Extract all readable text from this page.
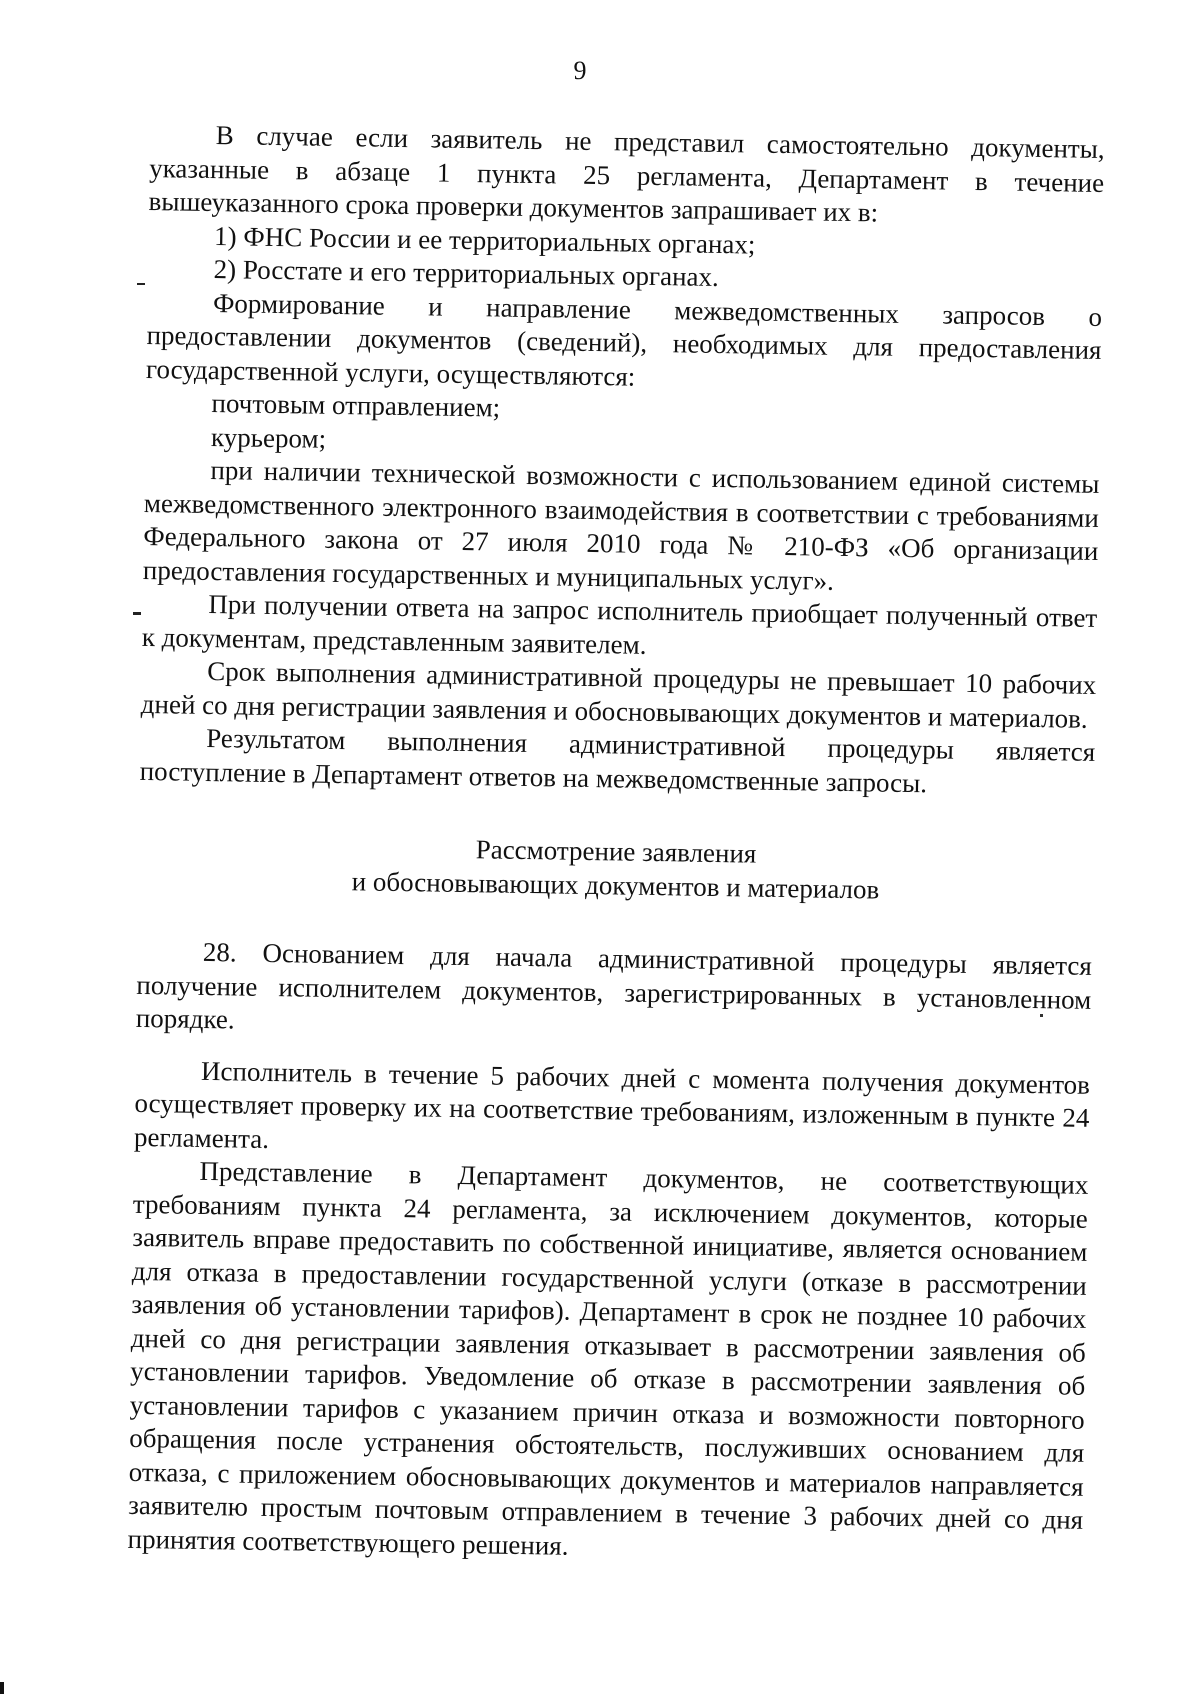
9

В случае если заявитель не представил самостоятельно документы, указанные в абзаце 1 пункта 25 регламента, Департамент в течение вышеуказанного срока проверки документов запрашивает их в:

1) ФНС России и ее территориальных органах;

2) Росстате и его территориальных органах.

Формирование и направление межведомственных запросов о предоставлении документов (сведений), необходимых для предоставления государственной услуги, осуществляются:

почтовым отправлением;

курьером;

при наличии технической возможности с использованием единой системы межведомственного электронного взаимодействия в соответствии с требованиями Федерального закона от 27 июля 2010 года № 210-ФЗ «Об организации предоставления государственных и муниципальных услуг».

При получении ответа на запрос исполнитель приобщает полученный ответ к документам, представленным заявителем.

Срок выполнения административной процедуры не превышает 10 рабочих дней со дня регистрации заявления и обосновывающих документов и материалов.

Результатом выполнения административной процедуры является поступление в Департамент ответов на межведомственные запросы.

Рассмотрение заявления

и обосновывающих документов и материалов

28. Основанием для начала административной процедуры является получение исполнителем документов, зарегистрированных в установленном порядке.

Исполнитель в течение 5 рабочих дней с момента получения документов осуществляет проверку их на соответствие требованиям, изложенным в пункте 24 регламента.

Представление в Департамент документов, не соответствующих требованиям пункта 24 регламента, за исключением документов, которые заявитель вправе предоставить по собственной инициативе, является основанием для отказа в предоставлении государственной услуги (отказе в рассмотрении заявления об установлении тарифов). Департамент в срок не позднее 10 рабочих дней со дня регистрации заявления отказывает в рассмотрении заявления об установлении тарифов. Уведомление об отказе в рассмотрении заявления об установлении тарифов с указанием причин отказа и возможности повторного обращения после устранения обстоятельств, послуживших основанием для отказа, с приложением обосновывающих документов и материалов направляется заявителю простым почтовым отправлением в течение 3 рабочих дней со дня принятия соответствующего решения.
